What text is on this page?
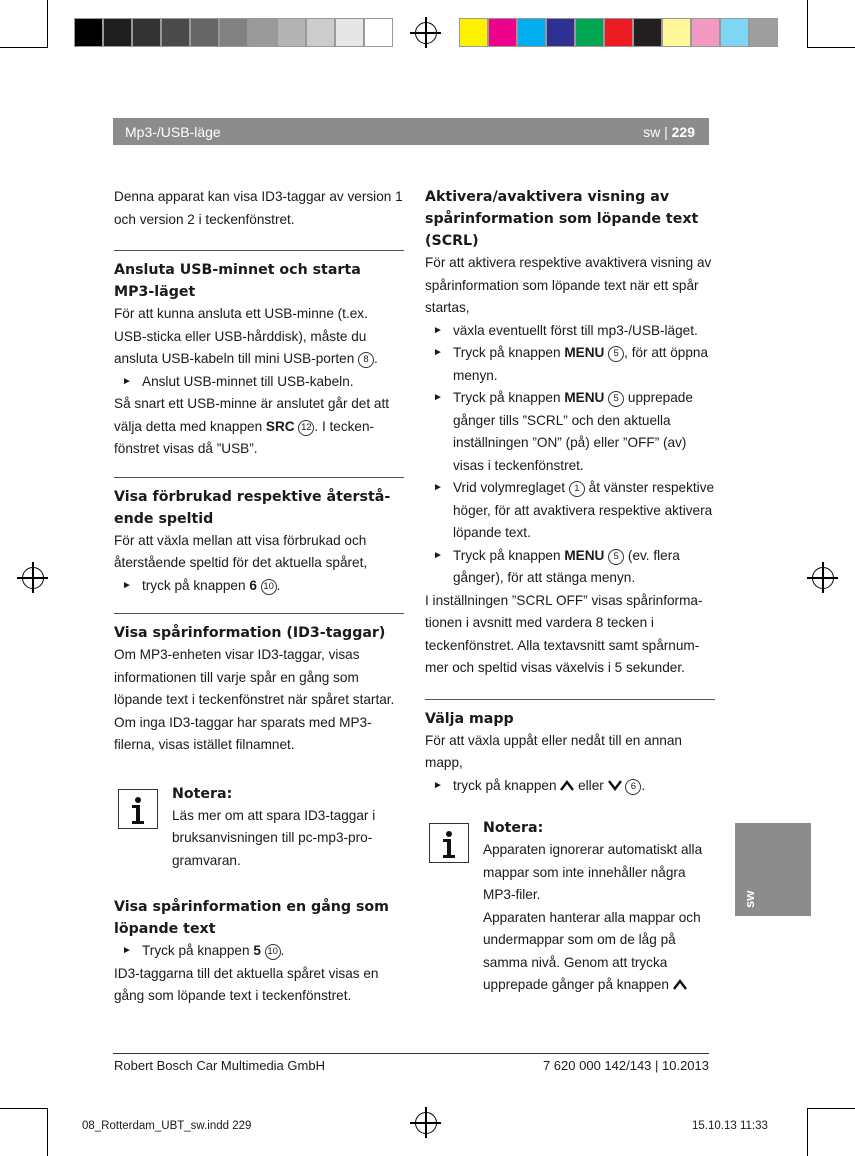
Mp3-/USB-läge	sw | 229

Denna apparat kan visa ID3-taggar av version 1 och version 2 i teckenfönstret.

Ansluta USB-minnet och starta MP3-läget

För att kunna ansluta ett USB-minne (t.ex. USB-sticka eller USB-hårddisk), måste du ansluta USB-kabeln till mini USB-porten 8 .

► Anslut USB-minnet till USB-kabeln.

Så snart ett USB-minne är anslutet går det att välja detta med knappen SRC 12 . I tecken-fönstret visas då ”USB”.

Visa förbrukad respektive återstå-ende speltid

För att växla mellan att visa förbrukad och återstående speltid för det aktuella spåret,

► tryck på knappen 6 10 .

Visa spårinformation (ID3-taggar)

Om MP3-enheten visar ID3-taggar, visas informationen till varje spår en gång som löpande text i teckenfönstret när spåret startar. Om inga ID3-taggar har sparats med MP3-filerna, visas istället filnamnet.

Notera:

Läs mer om att spara ID3-taggar i bruksanvisningen till pc-mp3-pro-gramvaran.

Visa spårinformation en gång som löpande text

► Tryck på knappen 5 10 .

ID3-taggarna till det aktuella spåret visas en gång som löpande text i teckenfönstret.

Aktivera/avaktivera visning av spårinformation som löpande text (SCRL)

För att aktivera respektive avaktivera visning av spårinformation som löpande text när ett spår startas,

► växla eventuellt först till mp3-/USB-läget.

► Tryck på knappen MENU 5 , för att öppna menyn.

► Tryck på knappen MENU 5 upprepade gånger tills ”SCRL” och den aktuella inställningen ”ON” (på) eller ”OFF” (av) visas i teckenfönstret.

► Vrid volymreglaget 1 åt vänster respektive höger, för att avaktivera respektive aktivera löpande text.

► Tryck på knappen MENU 5 (ev. flera gånger), för att stänga menyn.

I inställningen ”SCRL OFF” visas spårinforma-tionen i avsnitt med vardera 8 tecken i teckenfönstret. Alla textavsnitt samt spårnum-mer och speltid visas växelvis i 5 sekunder.

Välja mapp

För att växla uppåt eller nedåt till en annan mapp,

► tryck på knappen  eller  6 .

Notera:

Apparaten ignorerar automatiskt alla mappar som inte innehåller några MP3-filer.

Apparaten hanterar alla mappar och undermappar som om de låg på samma nivå. Genom att trycka upprepade gånger på knappen

sw
Robert Bosch Car Multimedia GmbH	7 620 000 142/143 | 10.2013
08_Rotterdam_UBT_sw.indd 229	15.10.13 11:33
